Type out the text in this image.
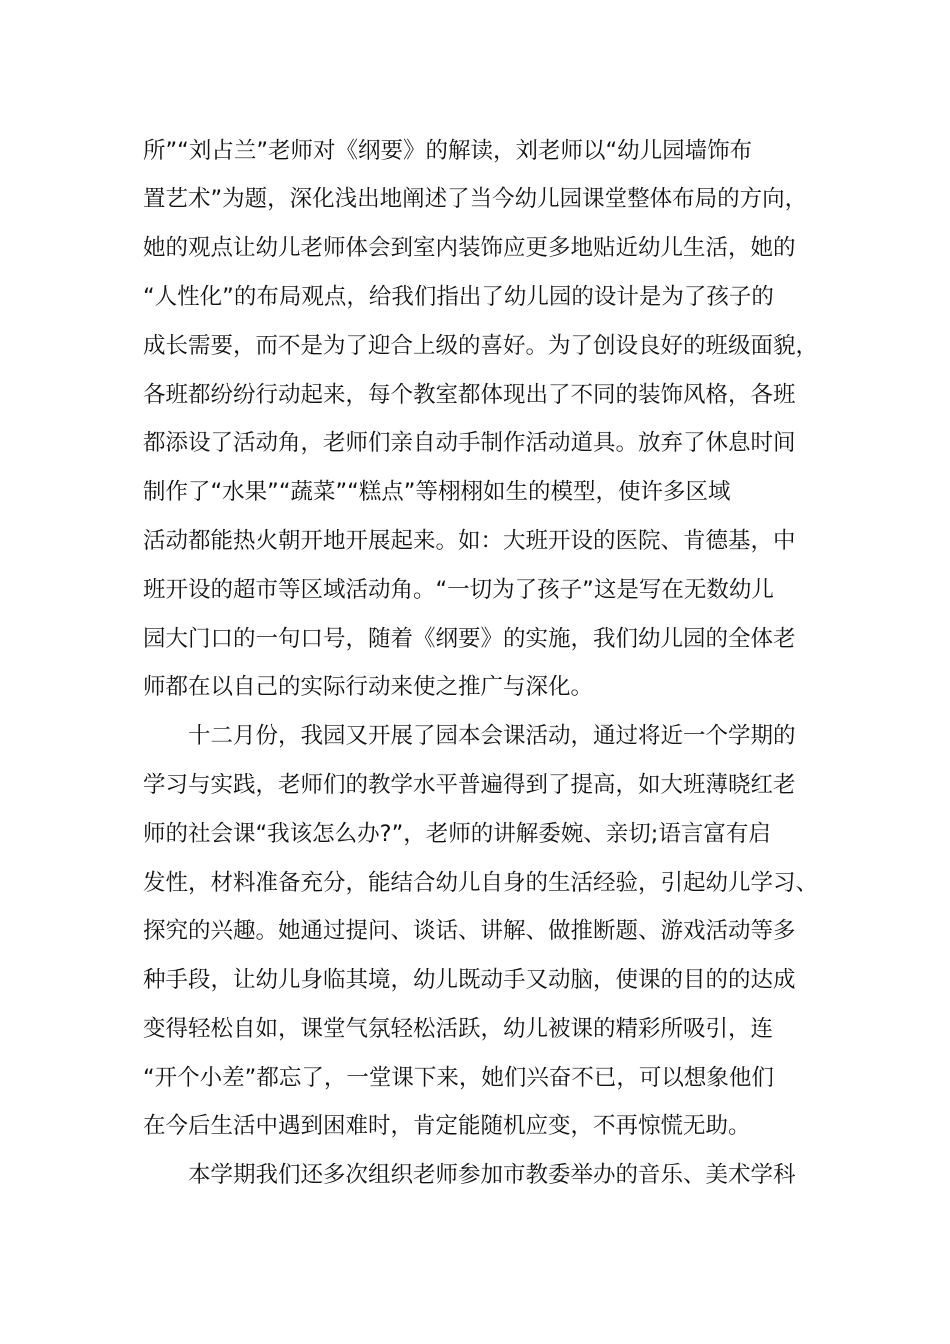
所”“刘占兰”老师对《纲要》的解读，刘老师以“幼儿园墙饰布
置艺术”为题，深化浅出地阐述了当今幼儿园课堂整体布局的方向，
她的观点让幼儿老师体会到室内装饰应更多地贴近幼儿生活，她的
“人性化”的布局观点，给我们指出了幼儿园的设计是为了孩子的
成长需要，而不是为了迎合上级的喜好。为了创设良好的班级面貌，
各班都纷纷行动起来，每个教室都体现出了不同的装饰风格，各班
都添设了活动角，老师们亲自动手制作活动道具。放弃了休息时间
制作了“水果”“蔬菜”“糕点”等栩栩如生的模型，使许多区域
活动都能热火朝开地开展起来。如：大班开设的医院、肯德基，中
班开设的超市等区域活动角。“一切为了孩子”这是写在无数幼儿
园大门口的一句口号，随着《纲要》的实施，我们幼儿园的全体老
师都在以自己的实际行动来使之推广与深化。
十二月份，我园又开展了园本会课活动，通过将近一个学期的
学习与实践，老师们的教学水平普遍得到了提高，如大班薄晓红老
师的社会课“我该怎么办?”，老师的讲解委婉、亲切;语言富有启
发性，材料准备充分，能结合幼儿自身的生活经验，引起幼儿学习、
探究的兴趣。她通过提问、谈话、讲解、做推断题、游戏活动等多
种手段，让幼儿身临其境，幼儿既动手又动脑，使课的目的的达成
变得轻松自如，课堂气氛轻松活跃，幼儿被课的精彩所吸引，连
“开个小差”都忘了，一堂课下来，她们兴奋不已，可以想象他们
在今后生活中遇到困难时，肯定能随机应变，不再惊慌无助。
本学期我们还多次组织老师参加市教委举办的音乐、美术学科
